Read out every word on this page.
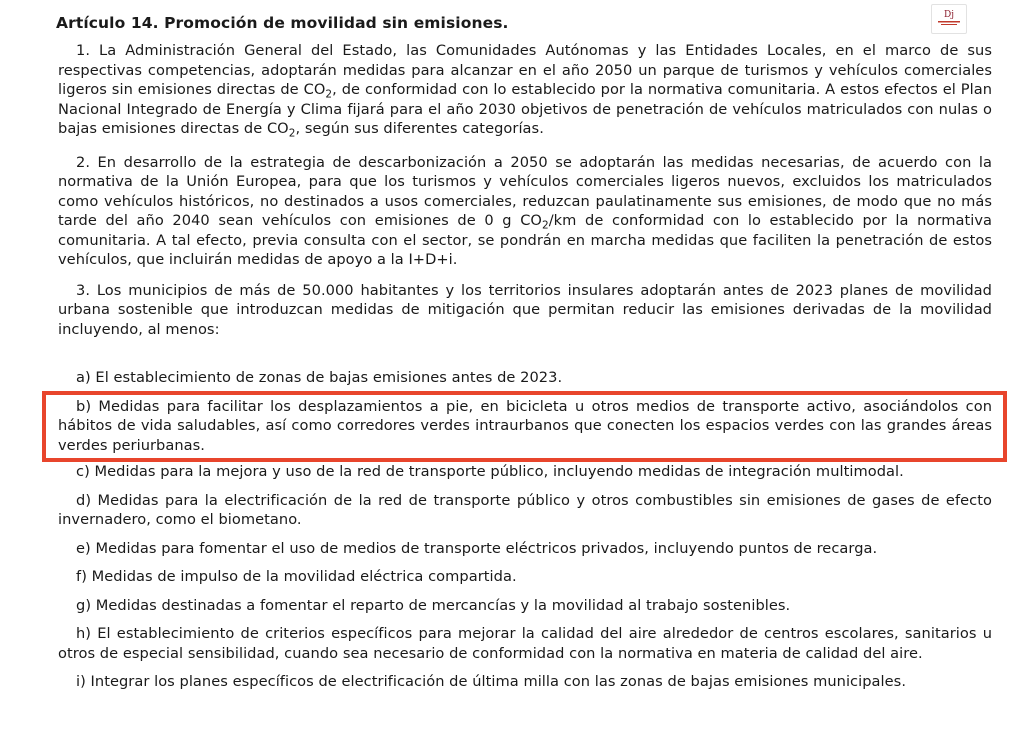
Dj
Artículo 14. Promoción de movilidad sin emisiones.

1. La Administración General del Estado, las Comunidades Autónomas y las Entidades Locales, en el marco de sus respectivas competencias, adoptarán medidas para alcanzar en el año 2050 un parque de turismos y vehículos comerciales ligeros sin emisiones directas de $CO_2$, de conformidad con lo establecido por la normativa comunitaria. A estos efectos el Plan Nacional Integrado de Energía y Clima fijará para el año 2030 objetivos de penetración de vehículos matriculados con nulas o bajas emisiones directas de $CO_2$, según sus diferentes categorías.

2. En desarrollo de la estrategia de descarbonización a 2050 se adoptarán las medidas necesarias, de acuerdo con la normativa de la Unión Europea, para que los turismos y vehículos comerciales ligeros nuevos, excluidos los matriculados como vehículos históricos, no destinados a usos comerciales, reduzcan paulatinamente sus emisiones, de modo que no más tarde del año 2040 sean vehículos con emisiones de 0 g $CO_2/km$ de conformidad con lo establecido por la normativa comunitaria. A tal efecto, previa consulta con el sector, se pondrán en marcha medidas que faciliten la penetración de estos vehículos, que incluirán medidas de apoyo a la I+D+i.

3. Los municipios de más de 50.000 habitantes y los territorios insulares adoptarán antes de 2023 planes de movilidad urbana sostenible que introduzcan medidas de mitigación que permitan reducir las emisiones derivadas de la movilidad incluyendo, al menos:

a) El establecimiento de zonas de bajas emisiones antes de 2023.

b) Medidas para facilitar los desplazamientos a pie, en bicicleta u otros medios de transporte activo, asociándolos con hábitos de vida saludables, así como corredores verdes intraurbanos que conecten los espacios verdes con las grandes áreas verdes periurbanas.

c) Medidas para la mejora y uso de la red de transporte público, incluyendo medidas de integración multimodal.

d) Medidas para la electrificación de la red de transporte público y otros combustibles sin emisiones de gases de efecto invernadero, como el biometano.

e) Medidas para fomentar el uso de medios de transporte eléctricos privados, incluyendo puntos de recarga.

f) Medidas de impulso de la movilidad eléctrica compartida.

g) Medidas destinadas a fomentar el reparto de mercancías y la movilidad al trabajo sostenibles.

h) El establecimiento de criterios específicos para mejorar la calidad del aire alrededor de centros escolares, sanitarios u otros de especial sensibilidad, cuando sea necesario de conformidad con la normativa en materia de calidad del aire.

i) Integrar los planes específicos de electrificación de última milla con las zonas de bajas emisiones municipales.
